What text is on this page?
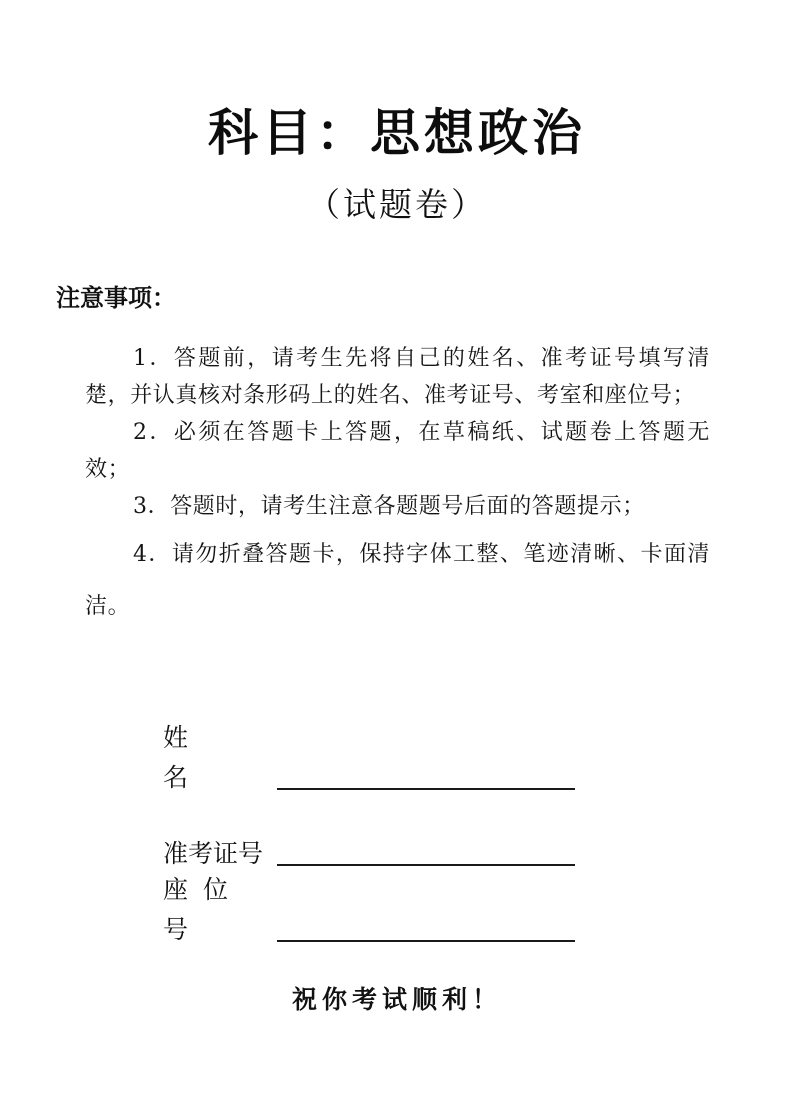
科目：思想政治
（试题卷）
注意事项：

1．答题前，请考生先将自己的姓名、准考证号填写清楚，并认真核对条形码上的姓名、准考证号、考室和座位号；

2．必须在答题卡上答题，在草稿纸、试题卷上答题无效；

3．答题时，请考生注意各题题号后面的答题提示；

4．请勿折叠答题卡，保持字体工整、笔迹清晰、卡面清洁。

姓名
准考证号
座位号
祝你考试顺利！
